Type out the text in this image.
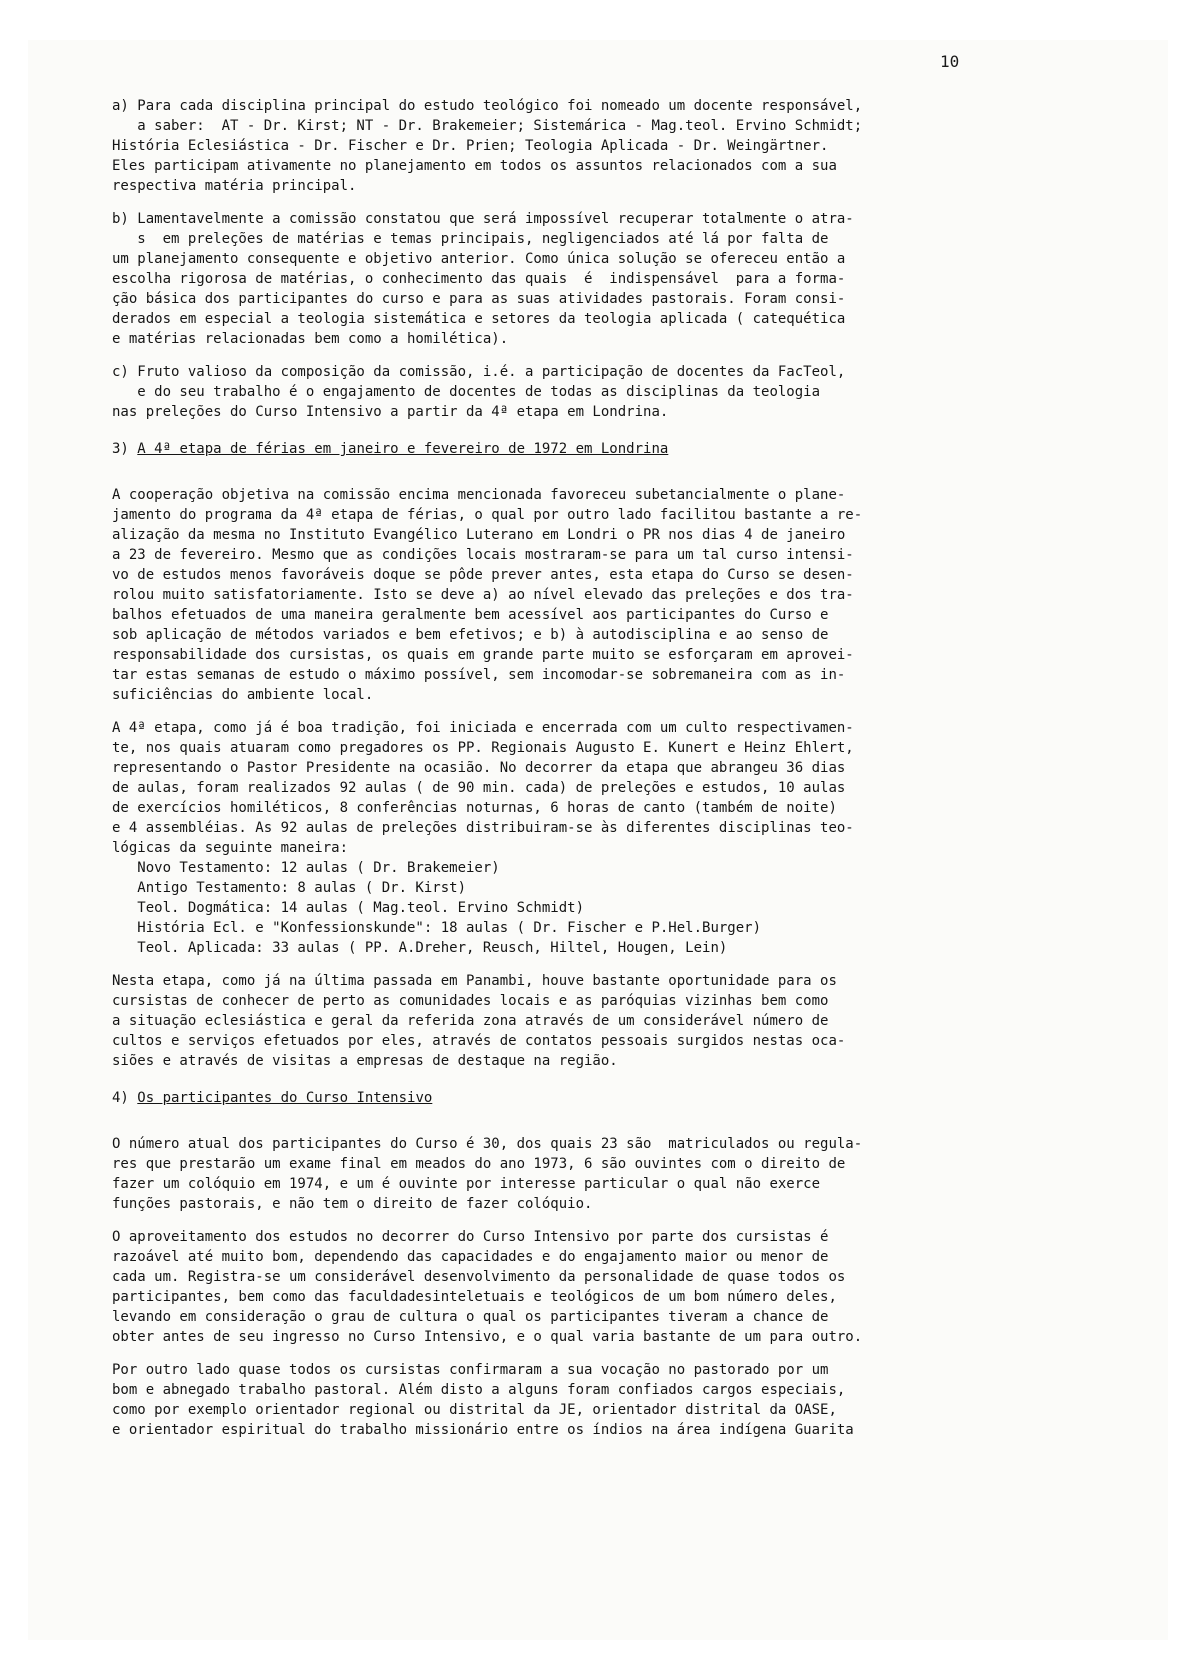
10
a) Para cada disciplina principal do estudo teológico foi nomeado um docente responsável,
a saber:  AT - Dr. Kirst; NT - Dr. Brakemeier; Sistemárica - Mag.teol. Ervino Schmidt;
História Eclesiástica - Dr. Fischer e Dr. Prien; Teologia Aplicada - Dr. Weingärtner.
Eles participam ativamente no planejamento em todos os assuntos relacionados com a sua
respectiva matéria principal.
b) Lamentavelmente a comissão constatou que será impossível recuperar totalmente o atra-
s  em preleções de matérias e temas principais, negligenciados até lá por falta de
um planejamento consequente e objetivo anterior. Como única solução se ofereceu então a
escolha rigorosa de matérias, o conhecimento das quais  é  indispensável  para a forma-
ção básica dos participantes do curso e para as suas atividades pastorais. Foram consi-
derados em especial a teologia sistemática e setores da teologia aplicada ( catequética
e matérias relacionadas bem como a homilética).
c) Fruto valioso da composição da comissão, i.é. a participação de docentes da FacTeol,
e do seu trabalho é o engajamento de docentes de todas as disciplinas da teologia
nas preleções do Curso Intensivo a partir da 4ª etapa em Londrina.
3) A 4ª etapa de férias em janeiro e fevereiro de 1972 em Londrina
A cooperação objetiva na comissão encima mencionada favoreceu subetancialmente o plane-
jamento do programa da 4ª etapa de férias, o qual por outro lado facilitou bastante a re-
alização da mesma no Instituto Evangélico Luterano em Londri o PR nos dias 4 de janeiro
a 23 de fevereiro. Mesmo que as condições locais mostraram-se para um tal curso intensi-
vo de estudos menos favoráveis doque se pôde prever antes, esta etapa do Curso se desen-
rolou muito satisfatoriamente. Isto se deve a) ao nível elevado das preleções e dos tra-
balhos efetuados de uma maneira geralmente bem acessível aos participantes do Curso e
sob aplicação de métodos variados e bem efetivos; e b) à autodisciplina e ao senso de
responsabilidade dos cursistas, os quais em grande parte muito se esforçaram em aprovei-
tar estas semanas de estudo o máximo possível, sem incomodar-se sobremaneira com as in-
suficiências do ambiente local.
A 4ª etapa, como já é boa tradição, foi iniciada e encerrada com um culto respectivamen-
te, nos quais atuaram como pregadores os PP. Regionais Augusto E. Kunert e Heinz Ehlert,
representando o Pastor Presidente na ocasião. No decorrer da etapa que abrangeu 36 dias
de aulas, foram realizados 92 aulas ( de 90 min. cada) de preleções e estudos, 10 aulas
de exercícios homiléticos, 8 conferências noturnas, 6 horas de canto (também de noite)
e 4 assembléias. As 92 aulas de preleções distribuiram-se às diferentes disciplinas teo-
lógicas da seguinte maneira:
Novo Testamento: 12 aulas ( Dr. Brakemeier)
Antigo Testamento: 8 aulas ( Dr. Kirst)
Teol. Dogmática: 14 aulas ( Mag.teol. Ervino Schmidt)
História Ecl. e "Konfessionskunde": 18 aulas ( Dr. Fischer e P.Hel.Burger)
Teol. Aplicada: 33 aulas ( PP. A.Dreher, Reusch, Hiltel, Hougen, Lein)
Nesta etapa, como já na última passada em Panambi, houve bastante oportunidade para os
cursistas de conhecer de perto as comunidades locais e as paróquias vizinhas bem como
a situação eclesiástica e geral da referida zona através de um considerável número de
cultos e serviços efetuados por eles, através de contatos pessoais surgidos nestas oca-
siões e através de visitas a empresas de destaque na região.
4) Os participantes do Curso Intensivo
O número atual dos participantes do Curso é 30, dos quais 23 são  matriculados ou regula-
res que prestarão um exame final em meados do ano 1973, 6 são ouvintes com o direito de
fazer um colóquio em 1974, e um é ouvinte por interesse particular o qual não exerce
funções pastorais, e não tem o direito de fazer colóquio.
O aproveitamento dos estudos no decorrer do Curso Intensivo por parte dos cursistas é
razoável até muito bom, dependendo das capacidades e do engajamento maior ou menor de
cada um. Registra-se um considerável desenvolvimento da personalidade de quase todos os
participantes, bem como das faculdadesinteletuais e teológicos de um bom número deles,
levando em consideração o grau de cultura o qual os participantes tiveram a chance de
obter antes de seu ingresso no Curso Intensivo, e o qual varia bastante de um para outro.
Por outro lado quase todos os cursistas confirmaram a sua vocação no pastorado por um
bom e abnegado trabalho pastoral. Além disto a alguns foram confiados cargos especiais,
como por exemplo orientador regional ou distrital da JE, orientador distrital da OASE,
e orientador espiritual do trabalho missionário entre os índios na área indígena Guarita
